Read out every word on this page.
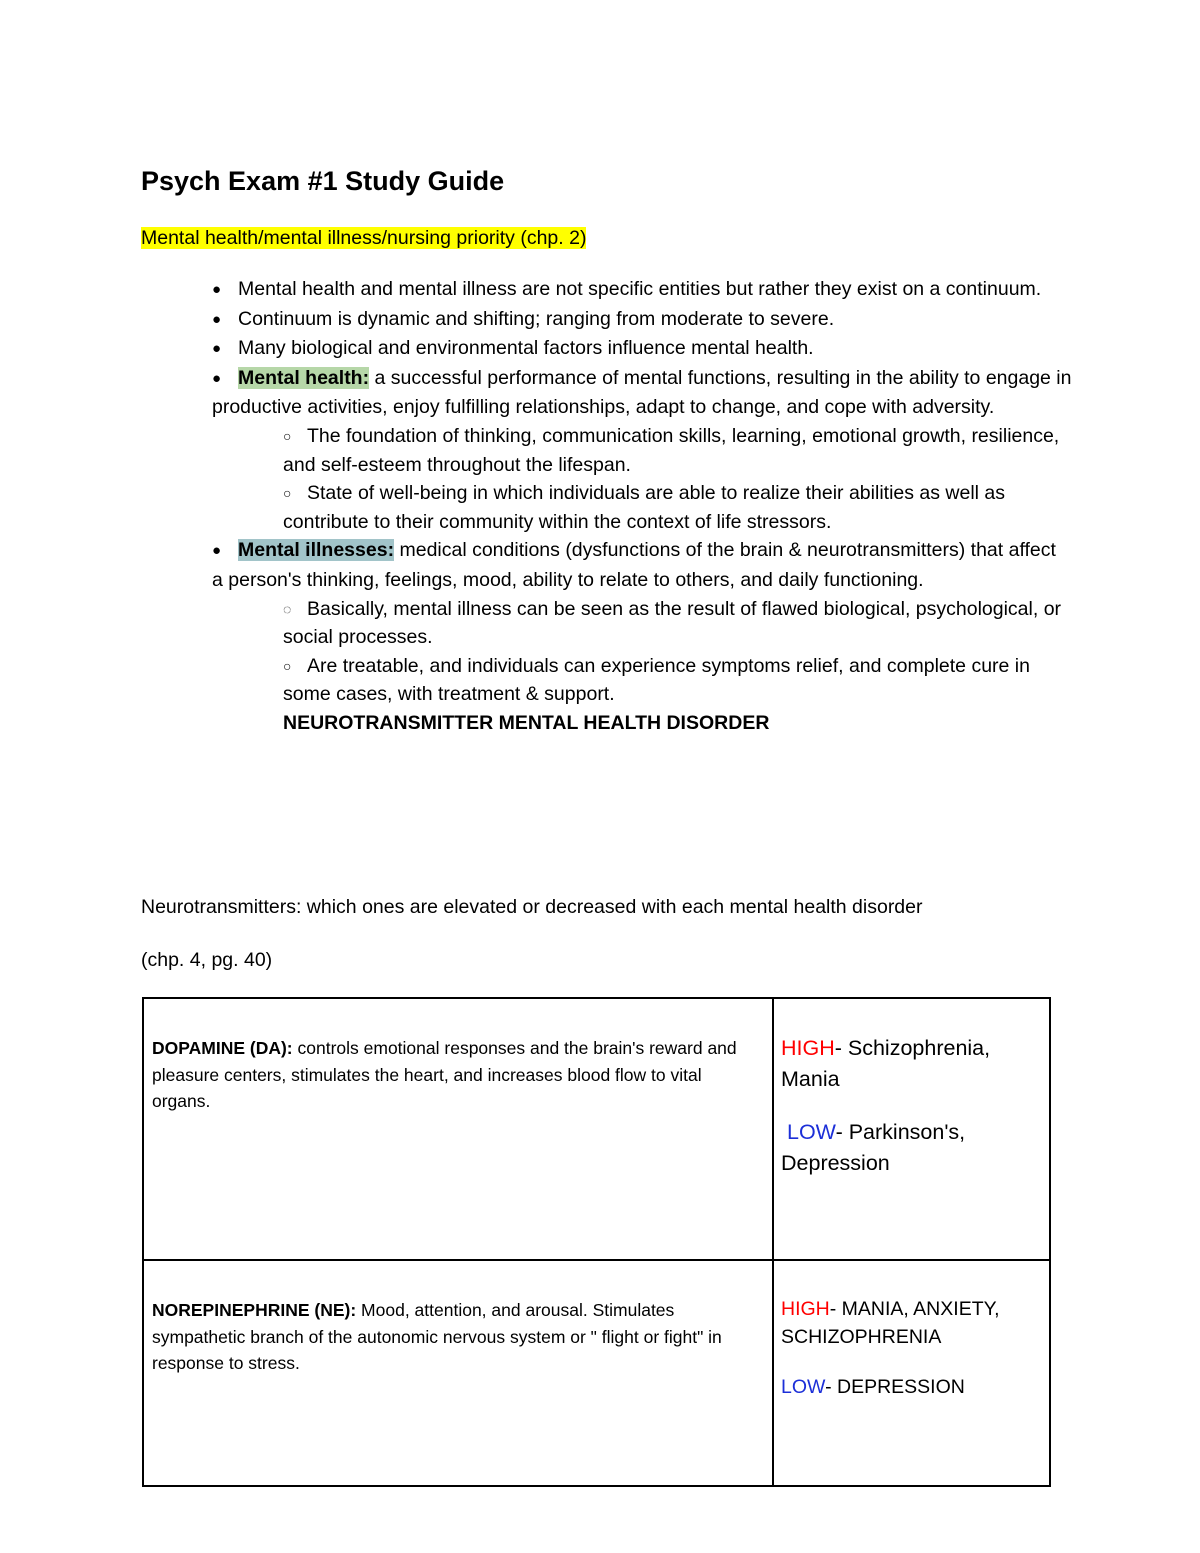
Psych Exam #1 Study Guide
Mental health/mental illness/nursing priority (chp. 2)

● Mental health and mental illness are not specific entities but rather they exist on a continuum.

● Continuum is dynamic and shifting; ranging from moderate to severe.

● Many biological and environmental factors influence mental health.

● Mental health: a successful performance of mental functions, resulting in the ability to engage in productive activities, enjoy fulfilling relationships, adapt to change, and cope with adversity.

○ The foundation of thinking, communication skills, learning, emotional growth, resilience, and self-esteem throughout the lifespan.

○ State of well-being in which individuals are able to realize their abilities as well as contribute to their community within the context of life stressors.

● Mental illnesses: medical conditions (dysfunctions of the brain & neurotransmitters) that affect a person's thinking, feelings, mood, ability to relate to others, and daily functioning.

◌ Basically, mental illness can be seen as the result of flawed biological, psychological, or social processes.

○ Are treatable, and individuals can experience symptoms relief, and complete cure in some cases, with treatment & support.

NEUROTRANSMITTER MENTAL HEALTH DISORDER

Neurotransmitters: which ones are elevated or decreased with each mental health disorder
(chp. 4, pg. 40)
DOPAMINE (DA): controls emotional responses and the brain's reward and pleasure centers, stimulates the heart, and increases blood flow to vital organs.	HIGH- Schizophrenia, Mania
LOW- Parkinson's, Depression

NOREPINEPHRINE (NE): Mood, attention, and arousal. Stimulates sympathetic branch of the autonomic nervous system or " flight or fight" in response to stress.	HIGH- MANIA, ANXIETY, SCHIZOPHRENIA
LOW- DEPRESSION
